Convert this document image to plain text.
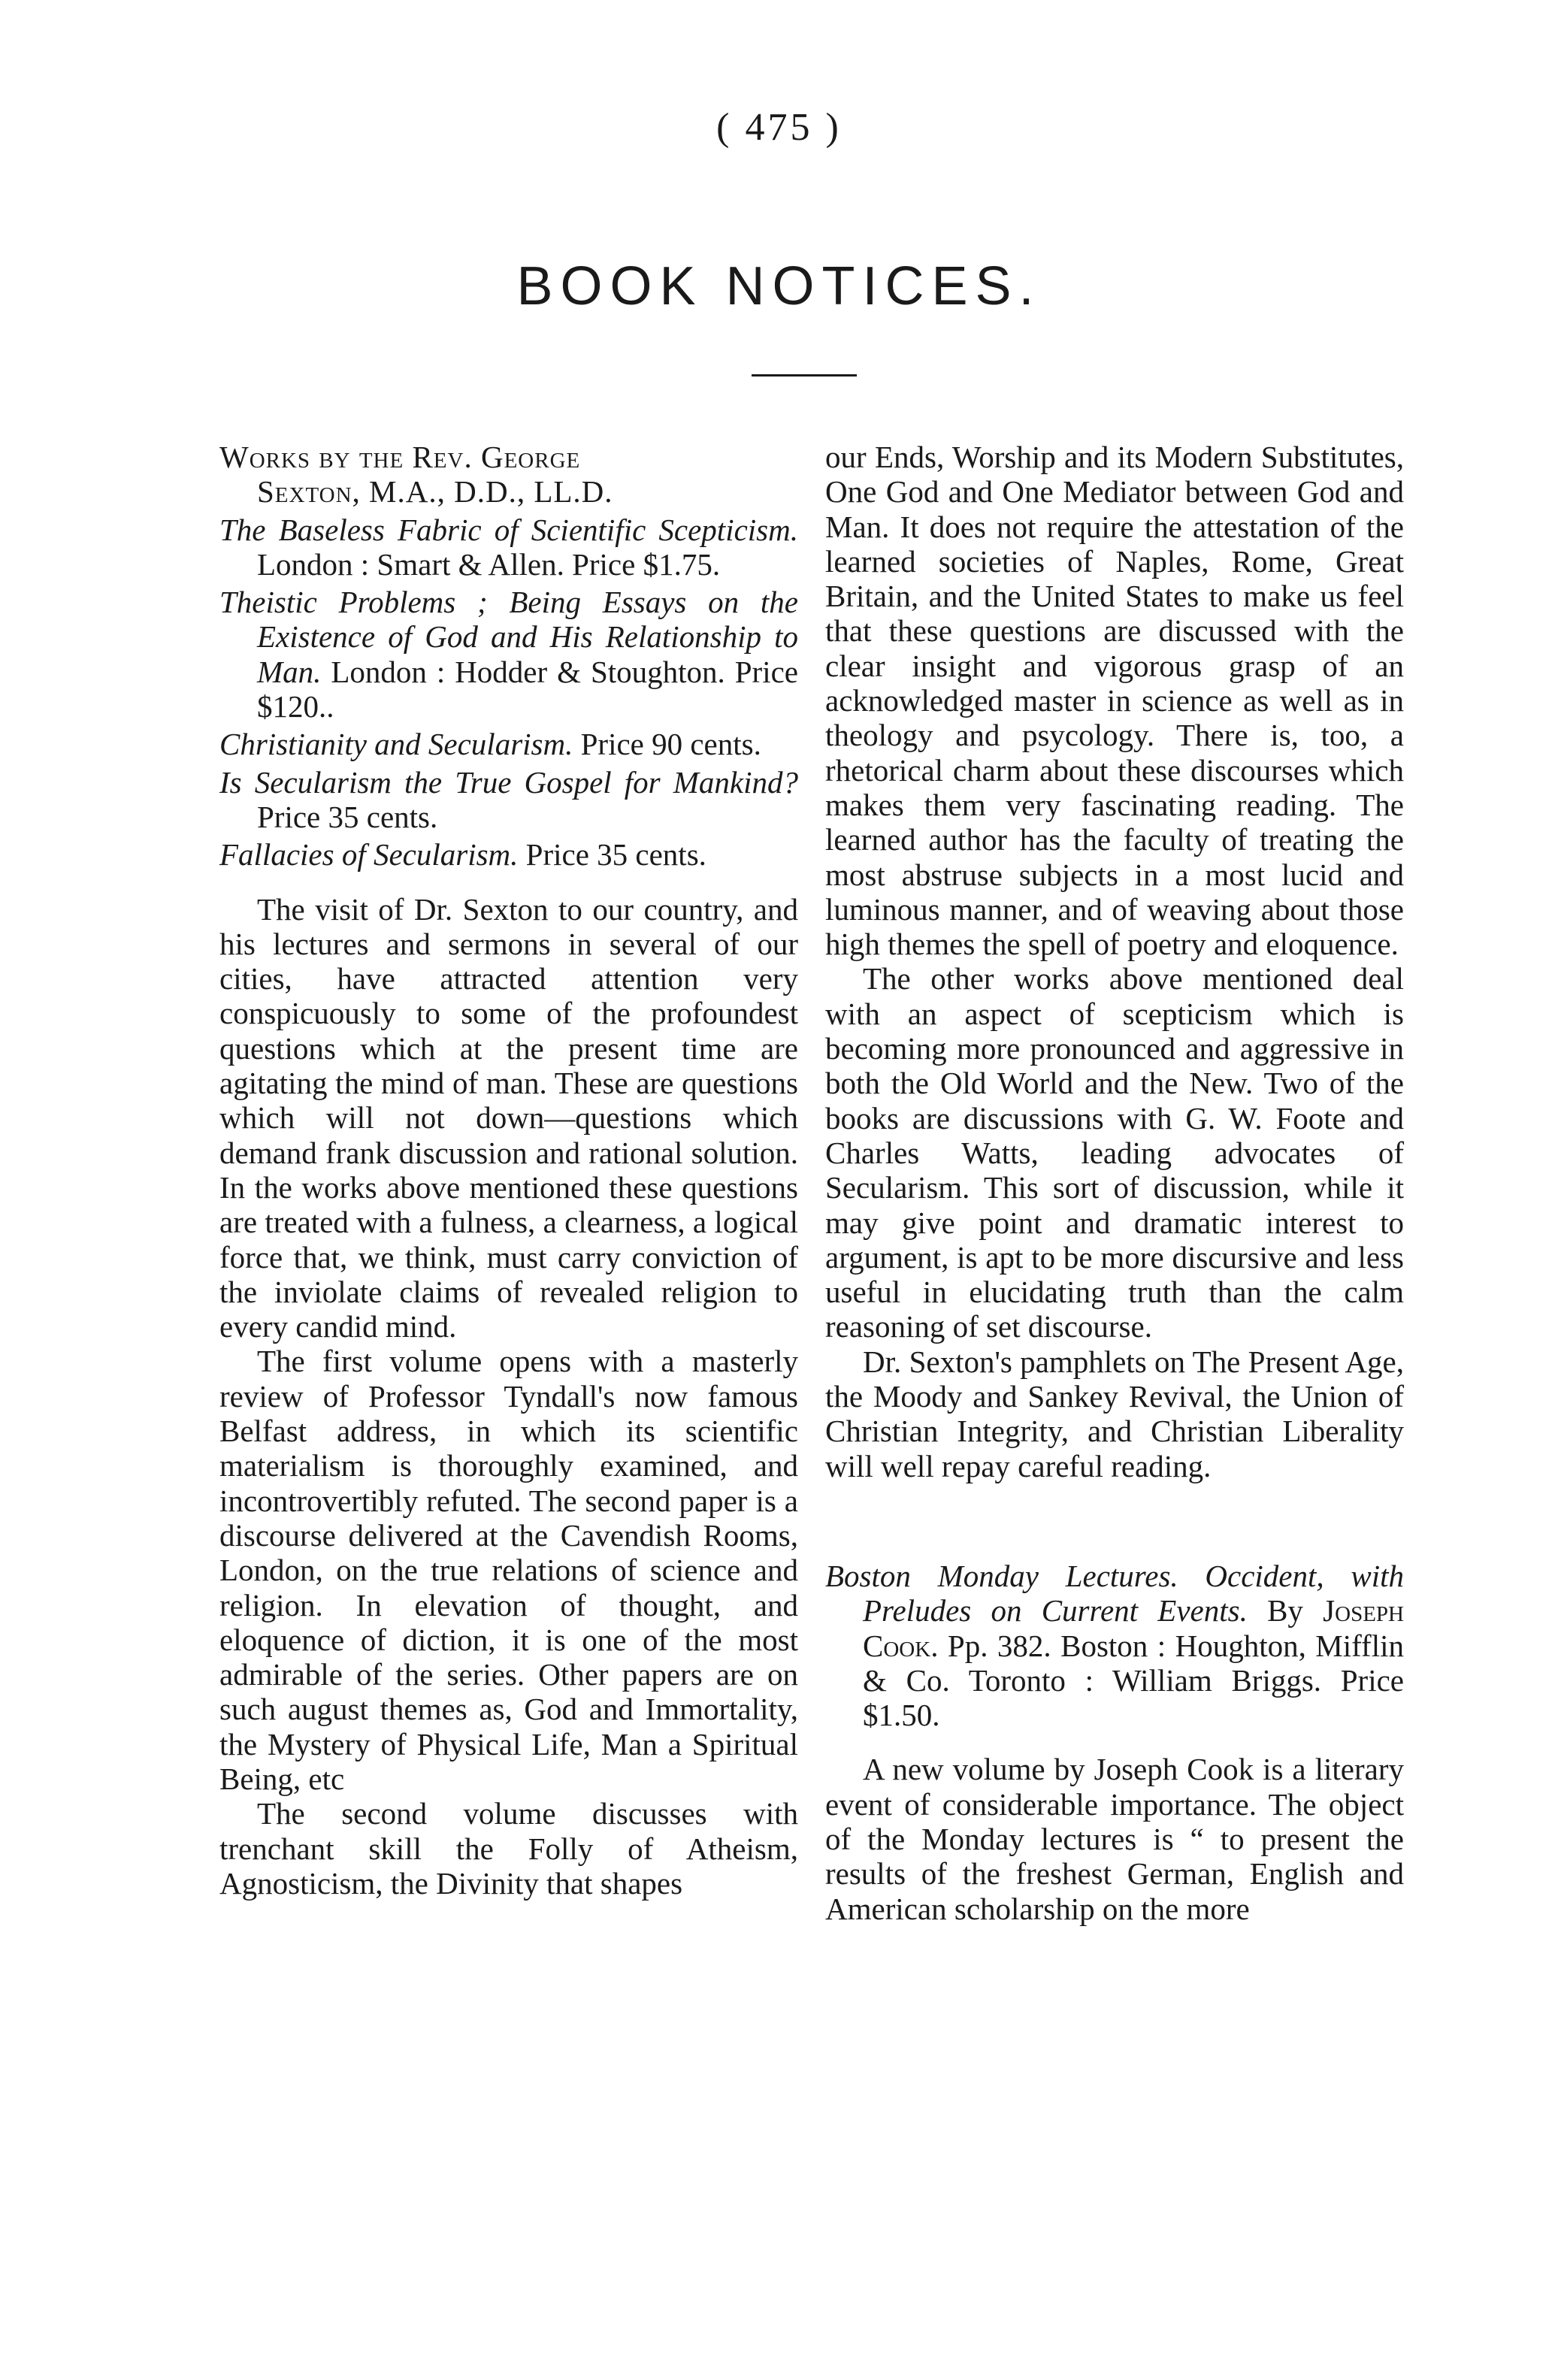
( 475 )
BOOK NOTICES.

Works by the Rev. George
Sexton, M.A., D.D., LL.D.

The Baseless Fabric of Scientific Scepticism. London : Smart & Allen. Price $1.75.

Theistic Problems ; Being Essays on the Existence of God and His Relationship to Man. London : Hodder & Stoughton. Price $120..

Christianity and Secularism. Price 90 cents.

Is Secularism the True Gospel for Mankind? Price 35 cents.

Fallacies of Secularism. Price 35 cents.

The visit of Dr. Sexton to our country, and his lectures and sermons in several of our cities, have attracted attention very conspicuously to some of the profoundest questions which at the present time are agitating the mind of man. These are questions which will not down—questions which demand frank discussion and rational solution. In the works above mentioned these questions are treated with a fulness, a clearness, a logical force that, we think, must carry conviction of the inviolate claims of revealed religion to every candid mind.

The first volume opens with a masterly review of Professor Tyndall's now famous Belfast address, in which its scientific materialism is thoroughly examined, and incontrovertibly refuted. The second paper is a discourse delivered at the Cavendish Rooms, London, on the true relations of science and religion. In elevation of thought, and eloquence of diction, it is one of the most admirable of the series. Other papers are on such august themes as, God and Immortality, the Mystery of Physical Life, Man a Spiritual Being, etc

The second volume discusses with trenchant skill the Folly of Atheism, Agnosticism, the Divinity that shapes

our Ends, Worship and its Modern Substitutes, One God and One Mediator between God and Man. It does not require the attestation of the learned societies of Naples, Rome, Great Britain, and the United States to make us feel that these questions are discussed with the clear insight and vigorous grasp of an acknowledged master in science as well as in theology and psycology. There is, too, a rhetorical charm about these discourses which makes them very fascinating reading. The learned author has the faculty of treating the most abstruse subjects in a most lucid and luminous manner, and of weaving about those high themes the spell of poetry and eloquence.

The other works above mentioned deal with an aspect of scepticism which is becoming more pronounced and aggressive in both the Old World and the New. Two of the books are discussions with G. W. Foote and Charles Watts, leading advocates of Secularism. This sort of discussion, while it may give point and dramatic interest to argument, is apt to be more discursive and less useful in elucidating truth than the calm reasoning of set discourse.

Dr. Sexton's pamphlets on The Present Age, the Moody and Sankey Revival, the Union of Christian Integrity, and Christian Liberality will well repay careful reading.

Boston Monday Lectures. Occident, with Preludes on Current Events. By Joseph Cook. Pp. 382. Boston : Houghton, Mifflin & Co. Toronto : William Briggs. Price $1.50.

A new volume by Joseph Cook is a literary event of considerable importance. The object of the Monday lectures is “ to present the results of the freshest German, English and American scholarship on the more
